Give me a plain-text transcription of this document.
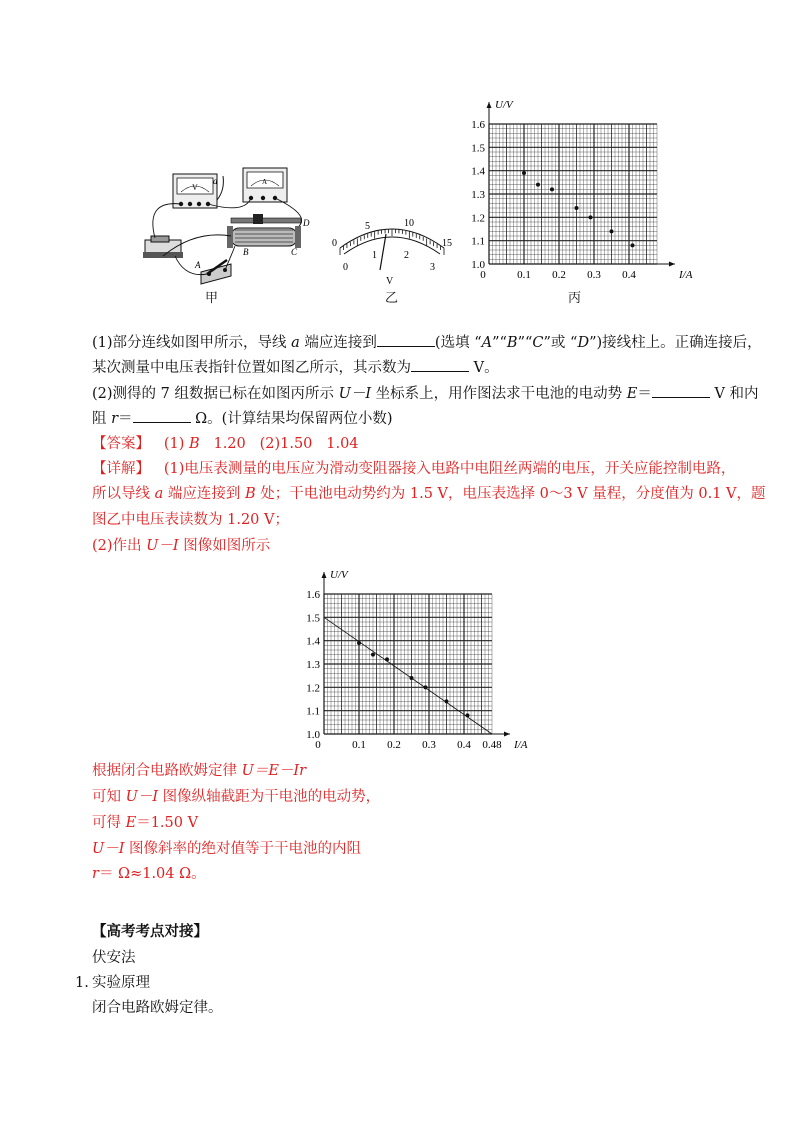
V
A
a
B	C
D
A
甲
0
5	10
15
0
1	2
3
V
乙
1.0
1.1
1.2
1.3
1.4
1.5
1.6
0	0.1 0.2 0.3 0.4	I/A
U/V
丙
(1)部分连线如图甲所示，导线 a 端应连接到	(选填 “A”“B”“C”或 “D”)接线柱上。正确连接后，
某次测量中电压表指针位置如图乙所示，其示数为	V。
(2)测得的 7 组数据已标在如图丙所示 U－I 坐标系上，用作图法求干电池的电动势 E＝	V 和内
阻 r＝	Ω。(计算结果均保留两位小数)
【答案】 (1) B   1.20   (2)1.50   1.04
【详解】 (1)电压表测量的电压应为滑动变阻器接入电路中电阻丝两端的电压，开关应能控制电路，
所以导线 a 端应连接到 B 处；干电池电动势约为 1.5 V，电压表选择 0～3 V 量程，分度值为 0.1 V，题
图乙中电压表读数为 1.20 V；
(2)作出 U－I 图像如图所示
1.0
1.1
1.2
1.3
1.4
1.5
1.6
0	0.1 0.2 0.3 0.4 0.48 I/A
U/V
根据闭合电路欧姆定律 U＝E－Ir
可知 U－I 图像纵轴截距为干电池的电动势，
可得 E＝1.50 V
U－I 图像斜率的绝对值等于干电池的内阻
r＝ Ω≈1.04 Ω。
【高考考点对接】
伏安法
1. 实验原理
闭合电路欧姆定律。
